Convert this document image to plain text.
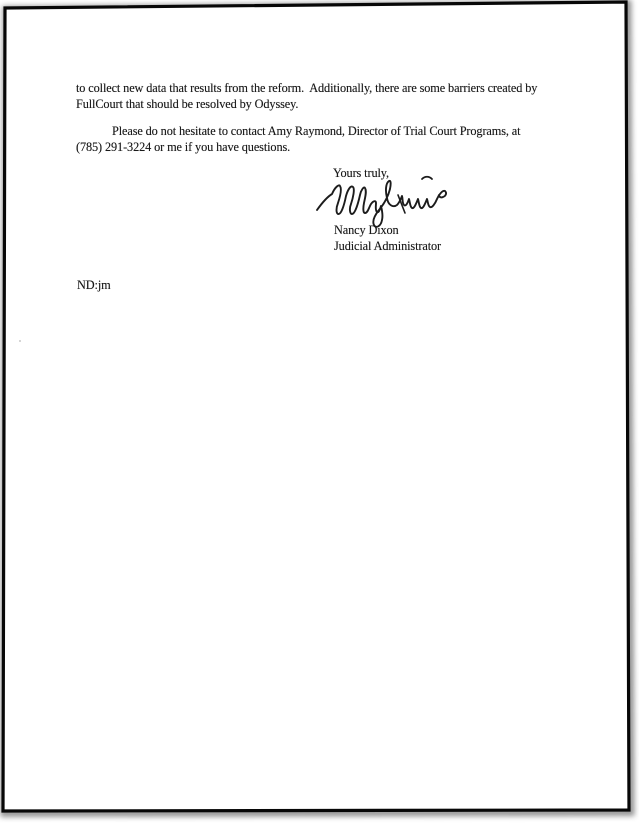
to collect new data that results from the reform.  Additionally, there are some barriers created by
FullCourt that should be resolved by Odyssey.
Please do not hesitate to contact Amy Raymond, Director of Trial Court Programs, at
(785) 291-3224 or me if you have questions.
Yours truly,
Nancy Dixon
Judicial Administrator
ND:jm
